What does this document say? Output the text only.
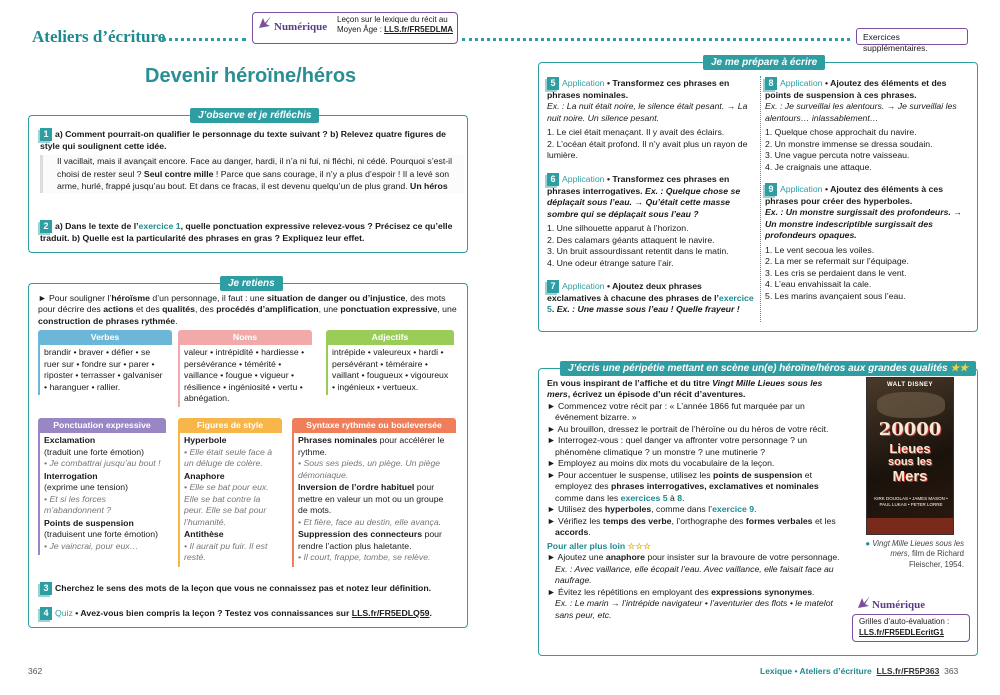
Ateliers d’écriture	Numérique
Leçon sur le lexique du récit au Moyen Âge : LLS.fr/FR5EDLMA
Exercices supplémentaires.
Devenir héroïne/héros
J’observe et je réfléchis
1 a) Comment pourrait-on qualifier le personnage du texte suivant ? b) Relevez quatre figures de style qui soulignent cette idée.
Il vacillait, mais il avançait encore. Face au danger, hardi, il n’a ni fui, ni fléchi, ni cédé. Pourquoi s’est-il choisi de rester seul ? Seul contre mille ! Parce que sans courage, il n’y a plus d’espoir ! Il a levé son arme, hurlé, frappé jusqu’au bout. Et dans ce fracas, il est devenu quelqu’un de plus grand. Un héros
2 a) Dans le texte de l’exercice 1, quelle ponctuation expressive relevez-vous ? Précisez ce qu’elle traduit. b) Quelle est la particularité des phrases en gras ? Expliquez leur effet.
Je retiens
► Pour souligner l’héroïsme d’un personnage, il faut : une situation de danger ou d’injustice, des mots pour décrire des actions et des qualités, des procédés d’amplification, une ponctuation expressive, une construction de phrases rythmée.
Verbes
brandir • braver • défier • se ruer sur • fondre sur • parer • riposter • terrasser • galvaniser • haranguer • rallier.
Noms
valeur • intrépidité • hardiesse • persévérance • témérité • vaillance • fougue • vigueur • résilience • ingéniosité • vertu • abnégation.
Adjectifs
intrépide • valeureux • hardi • persévérant • téméraire • vaillant • fougueux • vigoureux • ingénieux • vertueux.
Ponctuation expressive
Exclamation
(traduit une forte émotion)
• Je combattrai jusqu’au bout !
Interrogation
(exprime une tension)
• Et si les forces m’abandonnent ?
Points de suspension
(traduisent une forte émotion)
• Je vaincrai, pour eux…
Figures de style
Hyperbole
• Elle était seule face à un déluge de colère.
Anaphore
• Elle se bat pour eux. Elle se bat contre la peur. Elle se bat pour l’humanité.
Antithèse
• Il aurait pu fuir. Il est resté.
Syntaxe rythmée ou bouleversée
Phrases nominales pour accélérer le rythme.
• Sous ses pieds, un piège. Un piège démoniaque.
Inversion de l’ordre habituel pour mettre en valeur un mot ou un groupe de mots.
• Et fière, face au destin, elle avança.
Suppression des connecteurs pour rendre l’action plus haletante.
• Il court, frappe, tombe, se relève.
3 Cherchez le sens des mots de la leçon que vous ne connaissez pas et notez leur définition.
4 Quiz • Avez-vous bien compris la leçon ? Testez vos connaissances sur LLS.fr/FR5EDLQ59.
Je me prépare à écrire
5 Application • Transformez ces phrases en phrases nominales.
Ex. : La nuit était noire, le silence était pesant. → La nuit noire. Un silence pesant.
1. Le ciel était menaçant. Il y avait des éclairs.
2. L’océan était profond. Il n’y avait plus un rayon de lumière.
6 Application • Transformez ces phrases en phrases interrogatives. Ex. : Quelque chose se déplaçait sous l’eau. → Qu’était cette masse sombre qui se déplaçait sous l’eau ?
1. Une silhouette apparut à l’horizon.
2. Des calamars géants attaquent le navire.
3. Un bruit assourdissant retentit dans le matin.
4. Une odeur étrange sature l’air.
7 Application • Ajoutez deux phrases exclamatives à chacune des phrases de l’exercice 5. Ex. : Une masse sous l’eau ! Quelle frayeur !
8 Application • Ajoutez des éléments et des points de suspension à ces phrases.
Ex. : Je surveillai les alentours. → Je surveillai les alentours… inlassablement…
1. Quelque chose approchait du navire.
2. Un monstre immense se dressa soudain.
3. Une vague percuta notre vaisseau.
4. Je craignais une attaque.
9 Application • Ajoutez des éléments à ces phrases pour créer des hyperboles.
Ex. : Un monstre surgissait des profondeurs. → Un monstre indescriptible surgissait des profondeurs opaques.
1. Le vent secoua les voiles.
2. La mer se refermait sur l’équipage.
3. Les cris se perdaient dans le vent.
4. L’eau envahissait la cale.
5. Les marins avançaient sous l’eau.
J’écris une péripétie mettant en scène un(e) héroïne/héros aux grandes qualités ★★
En vous inspirant de l’affiche et du titre Vingt Mille Lieues sous les mers, écrivez un épisode d’un récit d’aventures.
► Commencez votre récit par : « L’année 1866 fut marquée par un événement bizarre. »
► Au brouillon, dressez le portrait de l’héroïne ou du héros de votre récit.
► Interrogez-vous : quel danger va affronter votre personnage ? un phénomène climatique ? un monstre ? une mutinerie ?
► Employez au moins dix mots du vocabulaire de la leçon.
► Pour accentuer le suspense, utilisez les points de suspension et employez des phrases interrogatives, exclamatives et nominales comme dans les exercices 5 à 8.
► Utilisez des hyperboles, comme dans l’exercice 9.
► Vérifiez les temps des verbe, l’orthographe des formes verbales et les accords.
Pour aller plus loin ☆☆☆
► Ajoutez une anaphore pour insister sur la bravoure de votre personnage.
Ex. : Avec vaillance, elle écopait l’eau. Avec vaillance, elle faisait face au naufrage.
► Évitez les répétitions en employant des expressions synonymes.
Ex. : Le marin → l’intrépide navigateur • l’aventurier des flots • le matelot sans peur, etc.
WALT DISNEY
20000
Lieues
sous les
Mers
KIRK DOUGLAS • JAMES MASON • PAUL LUKAS • PETER LORRE
● Vingt Mille Lieues sous les mers, film de Richard Fleischer, 1954.
Numérique
Grilles d’auto-évaluation :
LLS.fr/FR5EDLEcritG1
362	Lexique • Ateliers d’écriture LLS.fr/FR5P363 363
